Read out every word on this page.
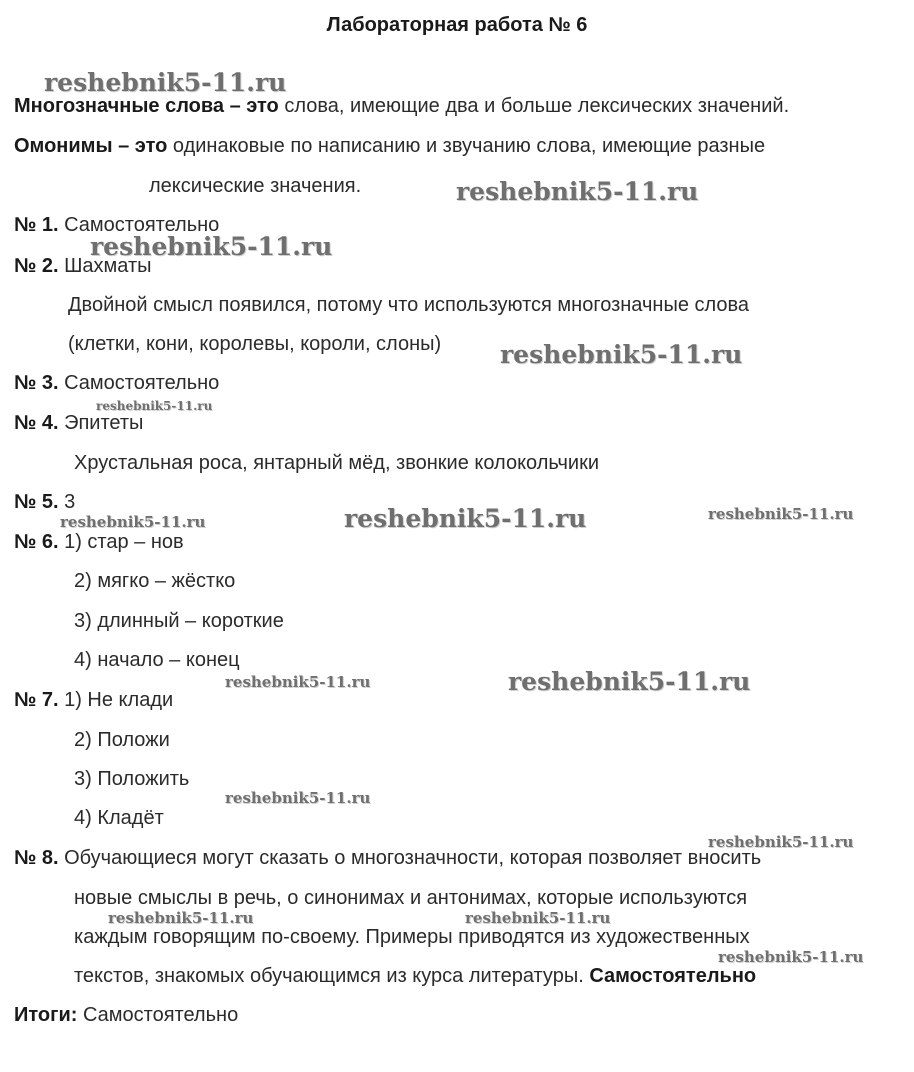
Лабораторная работа № 6
Многозначные слова – это слова, имеющие два и больше лексических значений.
Омонимы – это одинаковые по написанию и звучанию слова, имеющие разные
лексические значения.
№ 1. Самостоятельно
№ 2. Шахматы
Двойной смысл появился, потому что используются многозначные слова
(клетки, кони, королевы, короли, слоны)
№ 3. Самостоятельно
№ 4. Эпитеты
Хрустальная роса, янтарный мёд, звонкие колокольчики
№ 5. 3
№ 6. 1) стар – нов
2) мягко – жёстко
3) длинный – короткие
4) начало – конец
№ 7. 1) Не клади
2) Положи
3) Положить
4) Кладёт
№ 8. Обучающиеся могут сказать о многозначности, которая позволяет вносить
новые смыслы в речь, о синонимах и антонимах, которые используются
каждым говорящим по-своему. Примеры приводятся из художественных
текстов, знакомых обучающимся из курса литературы. Самостоятельно
Итоги: Самостоятельно
reshebnik5-11.ru
reshebnik5-11.ru
reshebnik5-11.ru
reshebnik5-11.ru
reshebnik5-11.ru
reshebnik5-11.ru
reshebnik5-11.ru	reshebnik5-11.ru
reshebnik5-11.ru	reshebnik5-11.ru
reshebnik5-11.ru
reshebnik5-11.ru
reshebnik5-11.ru	reshebnik5-11.ru
reshebnik5-11.ru
